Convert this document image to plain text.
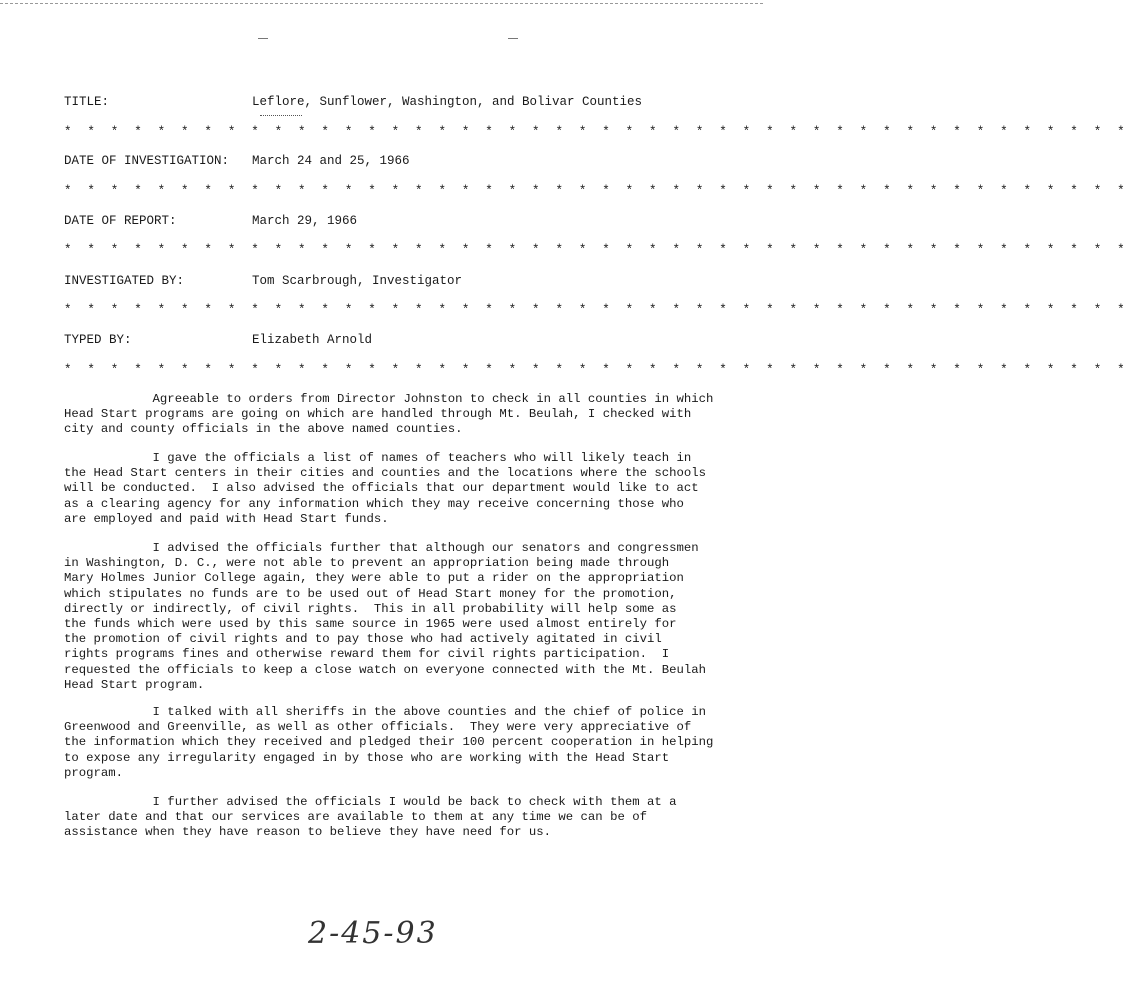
TITLE:	Leflore, Sunflower, Washington, and Bolivar Counties
* * * * * * * * * * * * * * * * * * * * * * * * * * * * * * * * * * * * * * * * * * * * * *
DATE OF INVESTIGATION: March 24 and 25, 1966
* * * * * * * * * * * * * * * * * * * * * * * * * * * * * * * * * * * * * * * * * * * * * *
DATE OF REPORT:	March 29, 1966
* * * * * * * * * * * * * * * * * * * * * * * * * * * * * * * * * * * * * * * * * * * * * *
INVESTIGATED BY:	Tom Scarbrough, Investigator
* * * * * * * * * * * * * * * * * * * * * * * * * * * * * * * * * * * * * * * * * * * * * *
TYPED BY:	Elizabeth Arnold
* * * * * * * * * * * * * * * * * * * * * * * * * * * * * * * * * * * * * * * * * * * * * *
Agreeable to orders from Director Johnston to check in all counties in which
Head Start programs are going on which are handled through Mt. Beulah, I checked with
city and county officials in the above named counties.
I gave the officials a list of names of teachers who will likely teach in
the Head Start centers in their cities and counties and the locations where the schools
will be conducted.  I also advised the officials that our department would like to act
as a clearing agency for any information which they may receive concerning those who
are employed and paid with Head Start funds.
I advised the officials further that although our senators and congressmen
in Washington, D. C., were not able to prevent an appropriation being made through
Mary Holmes Junior College again, they were able to put a rider on the appropriation
which stipulates no funds are to be used out of Head Start money for the promotion,
directly or indirectly, of civil rights.  This in all probability will help some as
the funds which were used by this same source in 1965 were used almost entirely for
the promotion of civil rights and to pay those who had actively agitated in civil
rights programs fines and otherwise reward them for civil rights participation.  I
requested the officials to keep a close watch on everyone connected with the Mt. Beulah
Head Start program.
I talked with all sheriffs in the above counties and the chief of police in
Greenwood and Greenville, as well as other officials.  They were very appreciative of
the information which they received and pledged their 100 percent cooperation in helping
to expose any irregularity engaged in by those who are working with the Head Start
program.
I further advised the officials I would be back to check with them at a
later date and that our services are available to them at any time we can be of
assistance when they have reason to believe they have need for us.
2-45-93
